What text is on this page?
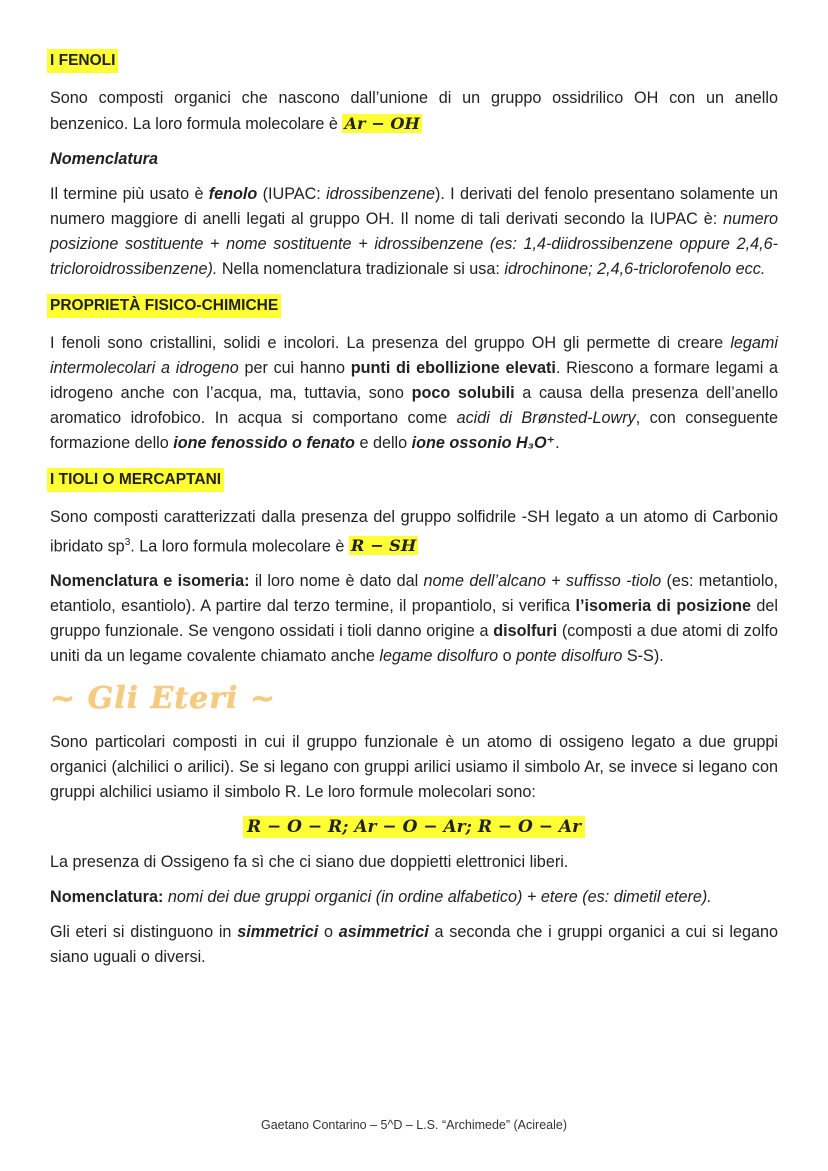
I FENOLI

Sono composti organici che nascono dall’unione di un gruppo ossidrilico OH con un anello benzenico. La loro formula molecolare è Ar − OH

Nomenclatura

Il termine più usato è fenolo (IUPAC: idrossibenzene). I derivati del fenolo presentano solamente un numero maggiore di anelli legati al gruppo OH. Il nome di tali derivati secondo la IUPAC è: numero posizione sostituente + nome sostituente + idrossibenzene (es: 1,4-diidrossibenzene oppure 2,4,6-tricloroidrossibenzene). Nella nomenclatura tradizionale si usa: idrochinone; 2,4,6-triclorofenolo ecc.

PROPRIETÀ FISICO-CHIMICHE

I fenoli sono cristallini, solidi e incolori. La presenza del gruppo OH gli permette di creare legami intermolecolari a idrogeno per cui hanno punti di ebollizione elevati. Riescono a formare legami a idrogeno anche con l’acqua, ma, tuttavia, sono poco solubili a causa della presenza dell’anello aromatico idrofobico. In acqua si comportano come acidi di Brønsted-Lowry, con conseguente formazione dello ione fenossido o fenato e dello ione ossonio H₃O⁺.

I TIOLI O MERCAPTANI

Sono composti caratterizzati dalla presenza del gruppo solfidrile -SH legato a un atomo di Carbonio ibridato $sp^3$. La loro formula molecolare è R − SH

Nomenclatura e isomeria: il loro nome è dato dal nome dell’alcano + suffisso -tiolo (es: metantiolo, etantiolo, esantiolo). A partire dal terzo termine, il propantiolo, si verifica l’isomeria di posizione del gruppo funzionale. Se vengono ossidati i tioli danno origine a disolfuri (composti a due atomi di zolfo uniti da un legame covalente chiamato anche legame disolfuro o ponte disolfuro S-S).

~ Gli Eteri ~

Sono particolari composti in cui il gruppo funzionale è un atomo di ossigeno legato a due gruppi organici (alchilici o arilici). Se si legano con gruppi arilici usiamo il simbolo Ar, se invece si legano con gruppi alchilici usiamo il simbolo R. Le loro formule molecolari sono:

R − O − R; Ar − O − Ar; R − O − Ar

La presenza di Ossigeno fa sì che ci siano due doppietti elettronici liberi.

Nomenclatura: nomi dei due gruppi organici (in ordine alfabetico) + etere (es: dimetil etere).

Gli eteri si distinguono in simmetrici o asimmetrici a seconda che i gruppi organici a cui si legano siano uguali o diversi.

Gaetano Contarino – 5^D – L.S. “Archimede” (Acireale)
